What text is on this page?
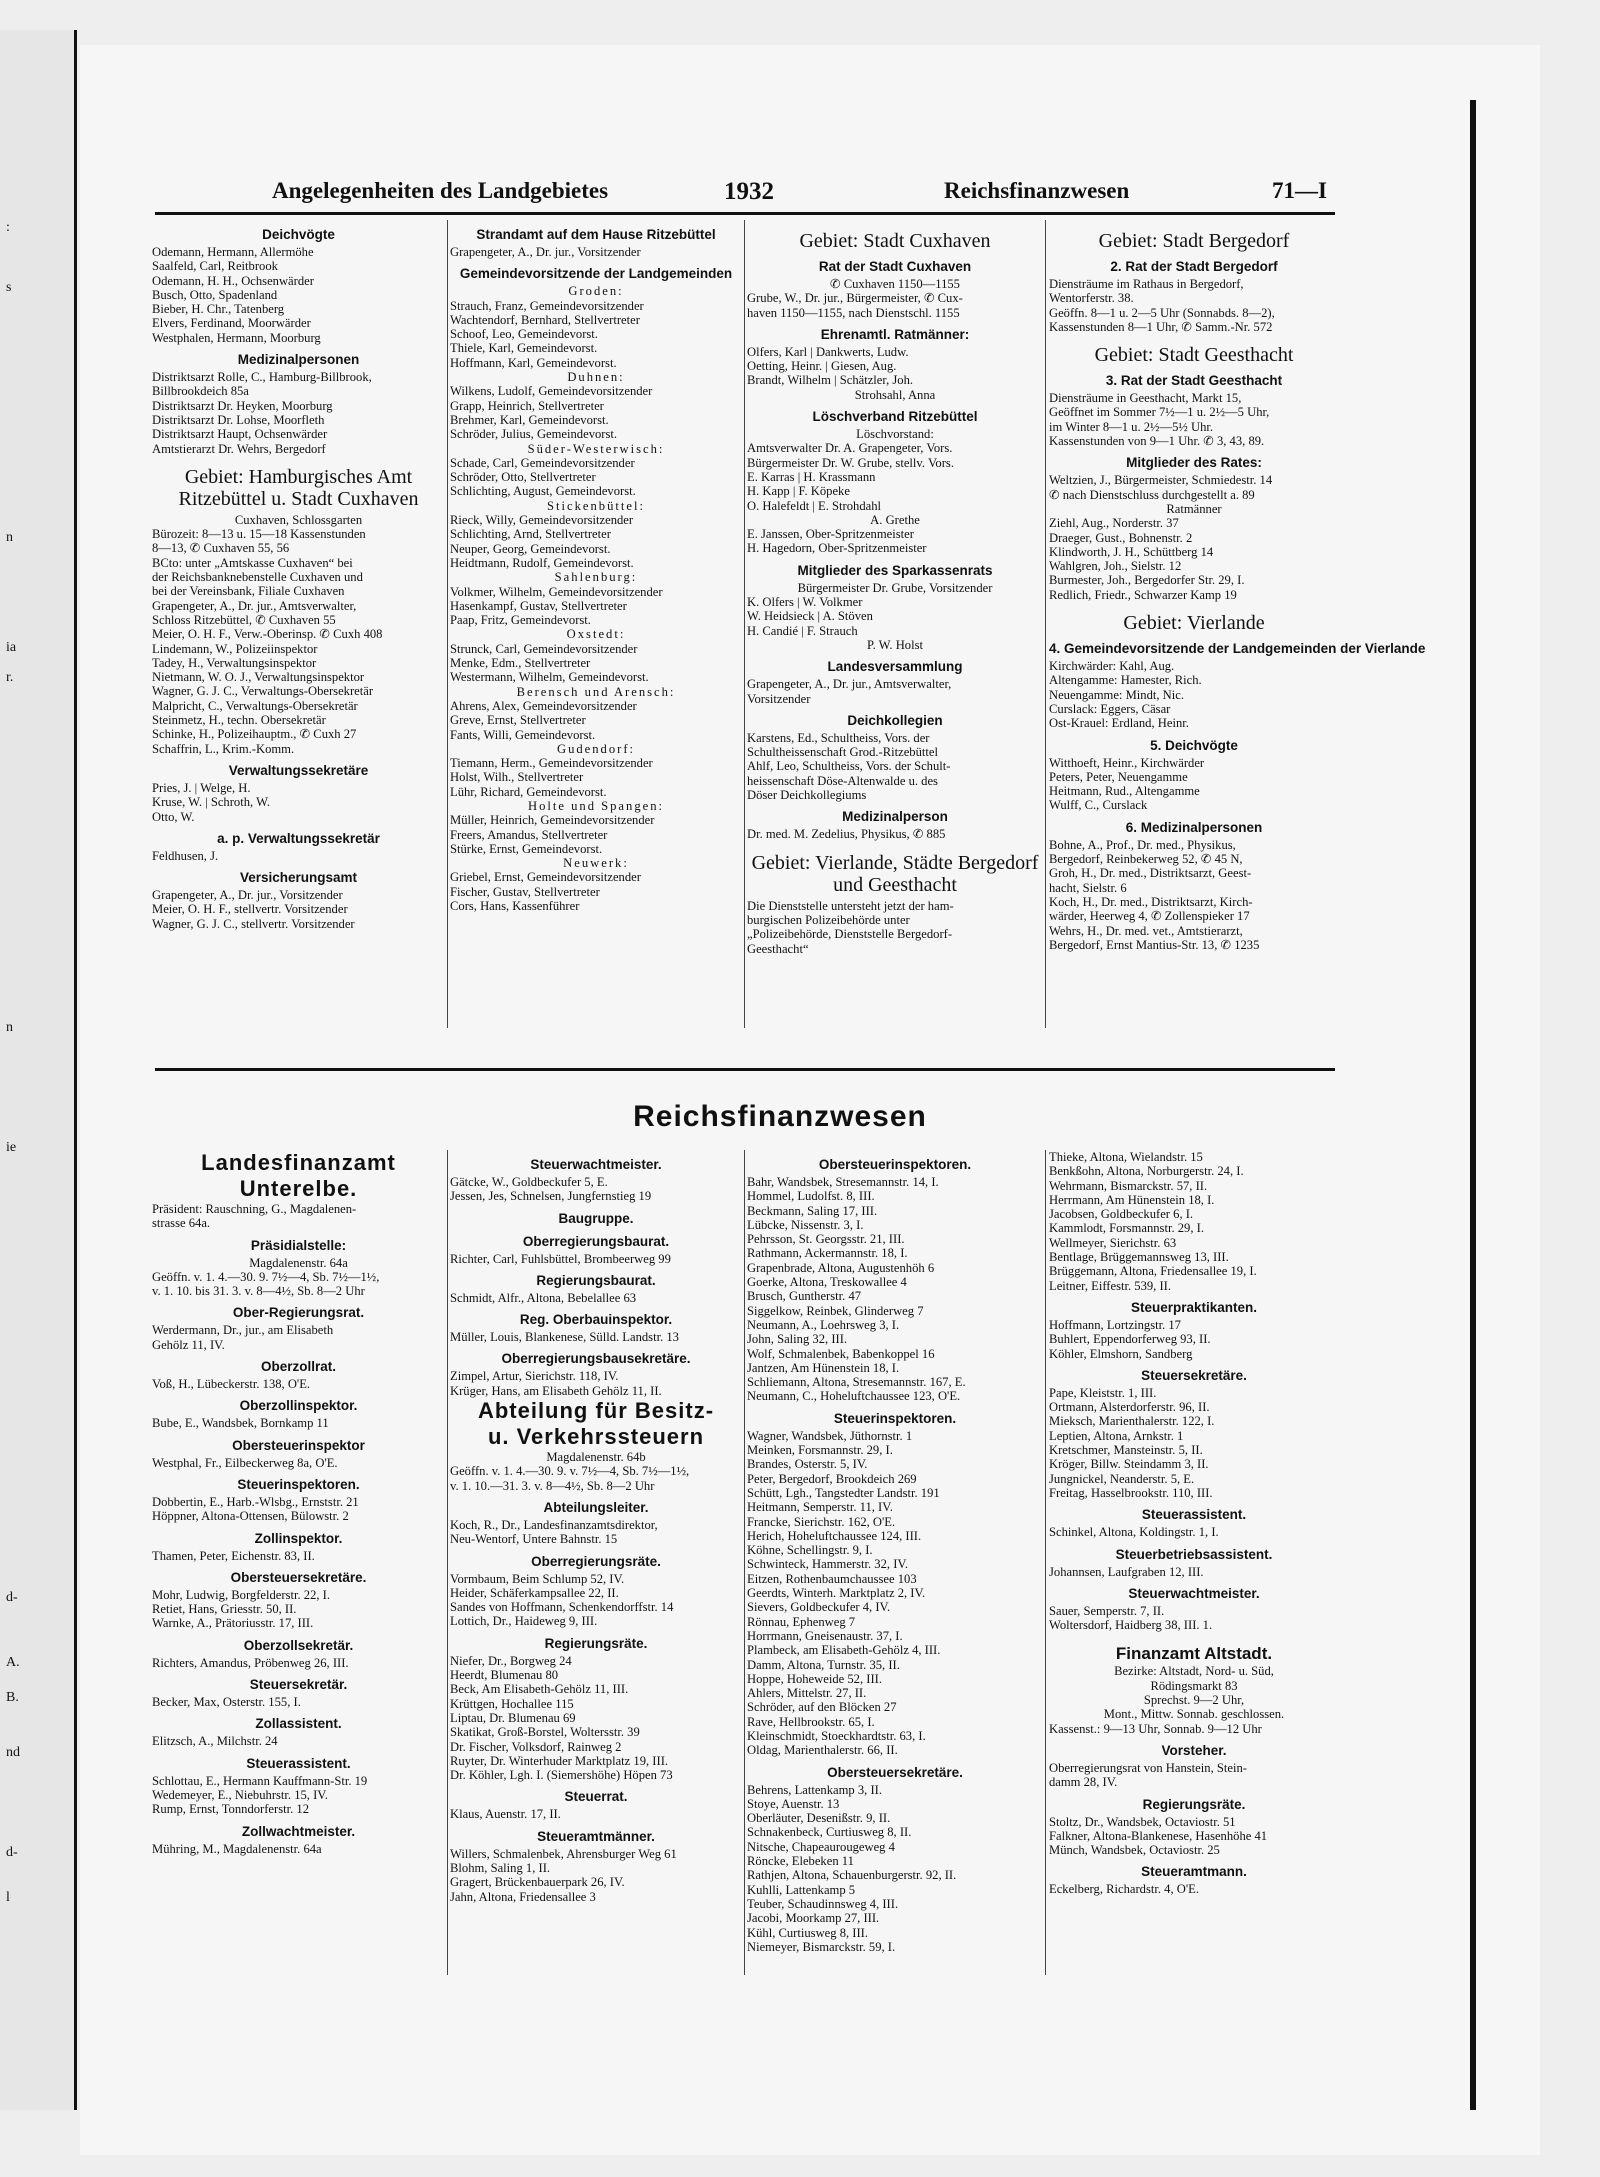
:
s
n
ia
r.
n
ie
d-
A.
B.
nd
d-
l
Angelegenheiten des Landgebietes	1932	Reichsfinanzwesen	71—I
Deichvögte

Odemann, Hermann, Allermöhe

Saalfeld, Carl, Reitbrook

Odemann, H. H., Ochsenwärder

Busch, Otto, Spadenland

Bieber, H. Chr., Tatenberg

Elvers, Ferdinand, Moorwärder

Westphalen, Hermann, Moorburg

Medizinalpersonen

Distriktsarzt Rolle, C., Hamburg-Billbrook,

Billbrookdeich 85a

Distriktsarzt Dr. Heyken, Moorburg

Distriktsarzt Dr. Lohse, Moorfleth

Distriktsarzt Haupt, Ochsenwärder

Amtstierarzt Dr. Wehrs, Bergedorf

Gebiet: Hamburgisches Amt Ritzebüttel u. Stadt Cuxhaven

Cuxhaven, Schlossgarten

Bürozeit: 8—13 u. 15—18 Kassenstunden

8—13, ✆ Cuxhaven 55, 56

BCto: unter „Amtskasse Cuxhaven“ bei

der Reichsbanknebenstelle Cuxhaven und

bei der Vereinsbank, Filiale Cuxhaven

Grapengeter, A., Dr. jur., Amtsverwalter,

Schloss Ritzebüttel, ✆ Cuxhaven 55

Meier, O. H. F., Verw.-Oberinsp. ✆ Cuxh 408

Lindemann, W., Polizeiinspektor

Tadey, H., Verwaltungsinspektor

Nietmann, W. O. J., Verwaltungsinspektor

Wagner, G. J. C., Verwaltungs-Obersekretär

Malpricht, C., Verwaltungs-Obersekretär

Steinmetz, H., techn. Obersekretär

Schinke, H., Polizeihauptm., ✆ Cuxh 27

Schaffrin, L., Krim.-Komm.

Verwaltungssekretäre

Pries, J. | Welge, H.

Kruse, W. | Schroth, W.

Otto, W.

a. p. Verwaltungssekretär

Feldhusen, J.

Versicherungsamt

Grapengeter, A., Dr. jur., Vorsitzender

Meier, O. H. F., stellvertr. Vorsitzender

Wagner, G. J. C., stellvertr. Vorsitzender

Strandamt auf dem Hause Ritzebüttel

Grapengeter, A., Dr. jur., Vorsitzender

Gemeindevorsitzende der Landgemeinden

Groden:

Strauch, Franz, Gemeindevorsitzender

Wachtendorf, Bernhard, Stellvertreter

Schoof, Leo, Gemeindevorst.

Thiele, Karl, Gemeindevorst.

Hoffmann, Karl, Gemeindevorst.

Duhnen:

Wilkens, Ludolf, Gemeindevorsitzender

Grapp, Heinrich, Stellvertreter

Brehmer, Karl, Gemeindevorst.

Schröder, Julius, Gemeindevorst.

Süder-Westerwisch:

Schade, Carl, Gemeindevorsitzender

Schröder, Otto, Stellvertreter

Schlichting, August, Gemeindevorst.

Stickenbüttel:

Rieck, Willy, Gemeindevorsitzender

Schlichting, Arnd, Stellvertreter

Neuper, Georg, Gemeindevorst.

Heidtmann, Rudolf, Gemeindevorst.

Sahlenburg:

Volkmer, Wilhelm, Gemeindevorsitzender

Hasenkampf, Gustav, Stellvertreter

Paap, Fritz, Gemeindevorst.

Oxstedt:

Strunck, Carl, Gemeindevorsitzender

Menke, Edm., Stellvertreter

Westermann, Wilhelm, Gemeindevorst.

Berensch und Arensch:

Ahrens, Alex, Gemeindevorsitzender

Greve, Ernst, Stellvertreter

Fants, Willi, Gemeindevorst.

Gudendorf:

Tiemann, Herm., Gemeindevorsitzender

Holst, Wilh., Stellvertreter

Lühr, Richard, Gemeindevorst.

Holte und Spangen:

Müller, Heinrich, Gemeindevorsitzender

Freers, Amandus, Stellvertreter

Stürke, Ernst, Gemeindevorst.

Neuwerk:

Griebel, Ernst, Gemeindevorsitzender

Fischer, Gustav, Stellvertreter

Cors, Hans, Kassenführer

Gebiet: Stadt Cuxhaven
Rat der Stadt Cuxhaven

✆ Cuxhaven 1150—1155

Grube, W., Dr. jur., Bürgermeister, ✆ Cux-

haven 1150—1155, nach Dienstschl. 1155

Ehrenamtl. Ratmänner:

Olfers, Karl | Dankwerts, Ludw.

Oetting, Heinr. | Giesen, Aug.

Brandt, Wilhelm | Schätzler, Joh.

Strohsahl, Anna

Löschverband Ritzebüttel

Löschvorstand:

Amtsverwalter Dr. A. Grapengeter, Vors.

Bürgermeister Dr. W. Grube, stellv. Vors.

E. Karras | H. Krassmann

H. Kapp | F. Köpeke

O. Halefeldt | E. Strohdahl

A. Grethe

E. Janssen, Ober-Spritzenmeister

H. Hagedorn, Ober-Spritzenmeister

Mitglieder des Sparkassenrats

Bürgermeister Dr. Grube, Vorsitzender

K. Olfers | W. Volkmer

W. Heidsieck | A. Stöven

H. Candié | F. Strauch

P. W. Holst

Landesversammlung

Grapengeter, A., Dr. jur., Amtsverwalter,

Vorsitzender

Deichkollegien

Karstens, Ed., Schultheiss, Vors. der

Schultheissenschaft Grod.-Ritzebüttel

Ahlf, Leo, Schultheiss, Vors. der Schult-

heissenschaft Döse-Altenwalde u. des

Döser Deichkollegiums

Medizinalperson

Dr. med. M. Zedelius, Physikus, ✆ 885

Gebiet: Vierlande, Städte Bergedorf und Geesthacht

Die Dienststelle untersteht jetzt der ham-

burgischen Polizeibehörde unter

„Polizeibehörde, Dienststelle Bergedorf-

Geesthacht“

Gebiet: Stadt Bergedorf
2. Rat der Stadt Bergedorf

Diensträume im Rathaus in Bergedorf,

Wentorferstr. 38.

Geöffn. 8—1 u. 2—5 Uhr (Sonnabds. 8—2),

Kassenstunden 8—1 Uhr, ✆ Samm.-Nr. 572

Gebiet: Stadt Geesthacht
3. Rat der Stadt Geesthacht

Diensträume in Geesthacht, Markt 15,

Geöffnet im Sommer 7½—1 u. 2½—5 Uhr,

im Winter 8—1 u. 2½—5½ Uhr.

Kassenstunden von 9—1 Uhr. ✆ 3, 43, 89.

Mitglieder des Rates:

Weltzien, J., Bürgermeister, Schmiedestr. 14

✆ nach Dienstschluss durchgestellt a. 89

Ratmänner

Ziehl, Aug., Norderstr. 37

Draeger, Gust., Bohnenstr. 2

Klindworth, J. H., Schüttberg 14

Wahlgren, Joh., Sielstr. 12

Burmester, Joh., Bergedorfer Str. 29, I.

Redlich, Friedr., Schwarzer Kamp 19

Gebiet: Vierlande
4. Gemeindevorsitzende der Landgemeinden der Vierlande

Kirchwärder: Kahl, Aug.

Altengamme: Hamester, Rich.

Neuengamme: Mindt, Nic.

Curslack: Eggers, Cäsar

Ost-Krauel: Erdland, Heinr.

5. Deichvögte

Witthoeft, Heinr., Kirchwärder

Peters, Peter, Neuengamme

Heitmann, Rud., Altengamme

Wulff, C., Curslack

6. Medizinalpersonen

Bohne, A., Prof., Dr. med., Physikus,

Bergedorf, Reinbekerweg 52, ✆ 45 N,

Groh, H., Dr. med., Distriktsarzt, Geest-

hacht, Sielstr. 6

Koch, H., Dr. med., Distriktsarzt, Kirch-

wärder, Heerweg 4, ✆ Zollenspieker 17

Wehrs, H., Dr. med. vet., Amtstierarzt,

Bergedorf, Ernst Mantius-Str. 13, ✆ 1235

Reichsfinanzwesen
Landesfinanzamt
Unterelbe.

Präsident: Rauschning, G., Magdalenen-

strasse 64a.

Präsidialstelle:

Magdalenenstr. 64a

Geöffn. v. 1. 4.—30. 9. 7½—4, Sb. 7½—1½,

v. 1. 10. bis 31. 3. v. 8—4½, Sb. 8—2 Uhr

Ober-Regierungsrat.

Werdermann, Dr., jur., am Elisabeth

Gehölz 11, IV.

Oberzollrat.

Voß, H., Lübeckerstr. 138, O'E.

Oberzollinspektor.

Bube, E., Wandsbek, Bornkamp 11

Obersteuerinspektor

Westphal, Fr., Eilbeckerweg 8a, O'E.

Steuerinspektoren.

Dobbertin, E., Harb.-Wlsbg., Ernststr. 21

Höppner, Altona-Ottensen, Bülowstr. 2

Zollinspektor.

Thamen, Peter, Eichenstr. 83, II.

Obersteuersekretäre.

Mohr, Ludwig, Borgfelderstr. 22, I.

Retiet, Hans, Griesstr. 50, II.

Warnke, A., Prätoriusstr. 17, III.

Oberzollsekretär.

Richters, Amandus, Pröbenweg 26, III.

Steuersekretär.

Becker, Max, Osterstr. 155, I.

Zollassistent.

Elitzsch, A., Milchstr. 24

Steuerassistent.

Schlottau, E., Hermann Kauffmann-Str. 19

Wedemeyer, E., Niebuhrstr. 15, IV.

Rump, Ernst, Tonndorferstr. 12

Zollwachtmeister.

Mühring, M., Magdalenenstr. 64a

Steuerwachtmeister.

Gätcke, W., Goldbeckufer 5, E.

Jessen, Jes, Schnelsen, Jungfernstieg 19

Baugruppe.
Oberregierungsbaurat.

Richter, Carl, Fuhlsbüttel, Brombeerweg 99

Regierungsbaurat.

Schmidt, Alfr., Altona, Bebelallee 63

Reg. Oberbauinspektor.

Müller, Louis, Blankenese, Sülld. Landstr. 13

Oberregierungsbausekretäre.

Zimpel, Artur, Sierichstr. 118, IV.

Krüger, Hans, am Elisabeth Gehölz 11, II.

Abteilung für Besitz-
u. Verkehrssteuern

Magdalenenstr. 64b

Geöffn. v. 1. 4.—30. 9. v. 7½—4, Sb. 7½—1½,

v. 1. 10.—31. 3. v. 8—4½, Sb. 8—2 Uhr

Abteilungsleiter.

Koch, R., Dr., Landesfinanzamtsdirektor,

Neu-Wentorf, Untere Bahnstr. 15

Oberregierungsräte.

Vormbaum, Beim Schlump 52, IV.

Heider, Schäferkampsallee 22, II.

Sandes von Hoffmann, Schenkendorffstr. 14

Lottich, Dr., Haideweg 9, III.

Regierungsräte.

Niefer, Dr., Borgweg 24

Heerdt, Blumenau 80

Beck, Am Elisabeth-Gehölz 11, III.

Krüttgen, Hochallee 115

Liptau, Dr. Blumenau 69

Skatikat, Groß-Borstel, Woltersstr. 39

Dr. Fischer, Volksdorf, Rainweg 2

Ruyter, Dr. Winterhuder Marktplatz 19, III.

Dr. Köhler, Lgh. I. (Siemershöhe) Höpen 73

Steuerrat.

Klaus, Auenstr. 17, II.

Steueramtmänner.

Willers, Schmalenbek, Ahrensburger Weg 61

Blohm, Saling 1, II.

Gragert, Brückenbauerpark 26, IV.

Jahn, Altona, Friedensallee 3

Obersteuerinspektoren.

Bahr, Wandsbek, Stresemannstr. 14, I.

Hommel, Ludolfst. 8, III.

Beckmann, Saling 17, III.

Lübcke, Nissenstr. 3, I.

Pehrsson, St. Georgsstr. 21, III.

Rathmann, Ackermannstr. 18, I.

Grapenbrade, Altona, Augustenhöh 6

Goerke, Altona, Treskowallee 4

Brusch, Guntherstr. 47

Siggelkow, Reinbek, Glinderweg 7

Neumann, A., Loehrsweg 3, I.

John, Saling 32, III.

Wolf, Schmalenbek, Babenkoppel 16

Jantzen, Am Hünenstein 18, I.

Schliemann, Altona, Stresemannstr. 167, E.

Neumann, C., Hoheluftchaussee 123, O'E.

Steuerinspektoren.

Wagner, Wandsbek, Jüthornstr. 1

Meinken, Forsmannstr. 29, I.

Brandes, Osterstr. 5, IV.

Peter, Bergedorf, Brookdeich 269

Schütt, Lgh., Tangstedter Landstr. 191

Heitmann, Semperstr. 11, IV.

Francke, Sierichstr. 162, O'E.

Herich, Hoheluftchaussee 124, III.

Köhne, Schellingstr. 9, I.

Schwinteck, Hammerstr. 32, IV.

Eitzen, Rothenbaumchaussee 103

Geerdts, Winterh. Marktplatz 2, IV.

Sievers, Goldbeckufer 4, IV.

Rönnau, Ephenweg 7

Horrmann, Gneisenaustr. 37, I.

Plambeck, am Elisabeth-Gehölz 4, III.

Damm, Altona, Turnstr. 35, II.

Hoppe, Hoheweide 52, III.

Ahlers, Mittelstr. 27, II.

Schröder, auf den Blöcken 27

Rave, Hellbrookstr. 65, I.

Kleinschmidt, Stoeckhardtstr. 63, I.

Oldag, Marienthalerstr. 66, II.

Obersteuersekretäre.

Behrens, Lattenkamp 3, II.

Stoye, Auenstr. 13

Oberläuter, Desenißstr. 9, II.

Schnakenbeck, Curtiusweg 8, II.

Nitsche, Chapeaurougeweg 4

Röncke, Elebeken 11

Rathjen, Altona, Schauenburgerstr. 92, II.

Kuhlli, Lattenkamp 5

Teuber, Schaudinnsweg 4, III.

Jacobi, Moorkamp 27, III.

Kühl, Curtiusweg 8, III.

Niemeyer, Bismarckstr. 59, I.

Thieke, Altona, Wielandstr. 15

Benkßohn, Altona, Norburgerstr. 24, I.

Wehrmann, Bismarckstr. 57, II.

Herrmann, Am Hünenstein 18, I.

Jacobsen, Goldbeckufer 6, I.

Kammlodt, Forsmannstr. 29, I.

Wellmeyer, Sierichstr. 63

Bentlage, Brüggemannsweg 13, III.

Brüggemann, Altona, Friedensallee 19, I.

Leitner, Eiffestr. 539, II.

Steuerpraktikanten.

Hoffmann, Lortzingstr. 17

Buhlert, Eppendorferweg 93, II.

Köhler, Elmshorn, Sandberg

Steuersekretäre.

Pape, Kleiststr. 1, III.

Ortmann, Alsterdorferstr. 96, II.

Mieksch, Marienthalerstr. 122, I.

Leptien, Altona, Arnkstr. 1

Kretschmer, Mansteinstr. 5, II.

Kröger, Billw. Steindamm 3, II.

Jungnickel, Neanderstr. 5, E.

Freitag, Hasselbrookstr. 110, III.

Steuerassistent.

Schinkel, Altona, Koldingstr. 1, I.

Steuerbetriebsassistent.

Johannsen, Laufgraben 12, III.

Steuerwachtmeister.

Sauer, Semperstr. 7, II.

Woltersdorf, Haidberg 38, III. 1.

Finanzamt Altstadt.

Bezirke: Altstadt, Nord- u. Süd,

Rödingsmarkt 83

Sprechst. 9—2 Uhr,

Mont., Mittw. Sonnab. geschlossen.

Kassenst.: 9—13 Uhr, Sonnab. 9—12 Uhr

Vorsteher.

Oberregierungsrat von Hanstein, Stein-

damm 28, IV.

Regierungsräte.

Stoltz, Dr., Wandsbek, Octaviostr. 51

Falkner, Altona-Blankenese, Hasenhöhe 41

Münch, Wandsbek, Octaviostr. 25

Steueramtmann.

Eckelberg, Richardstr. 4, O'E.
